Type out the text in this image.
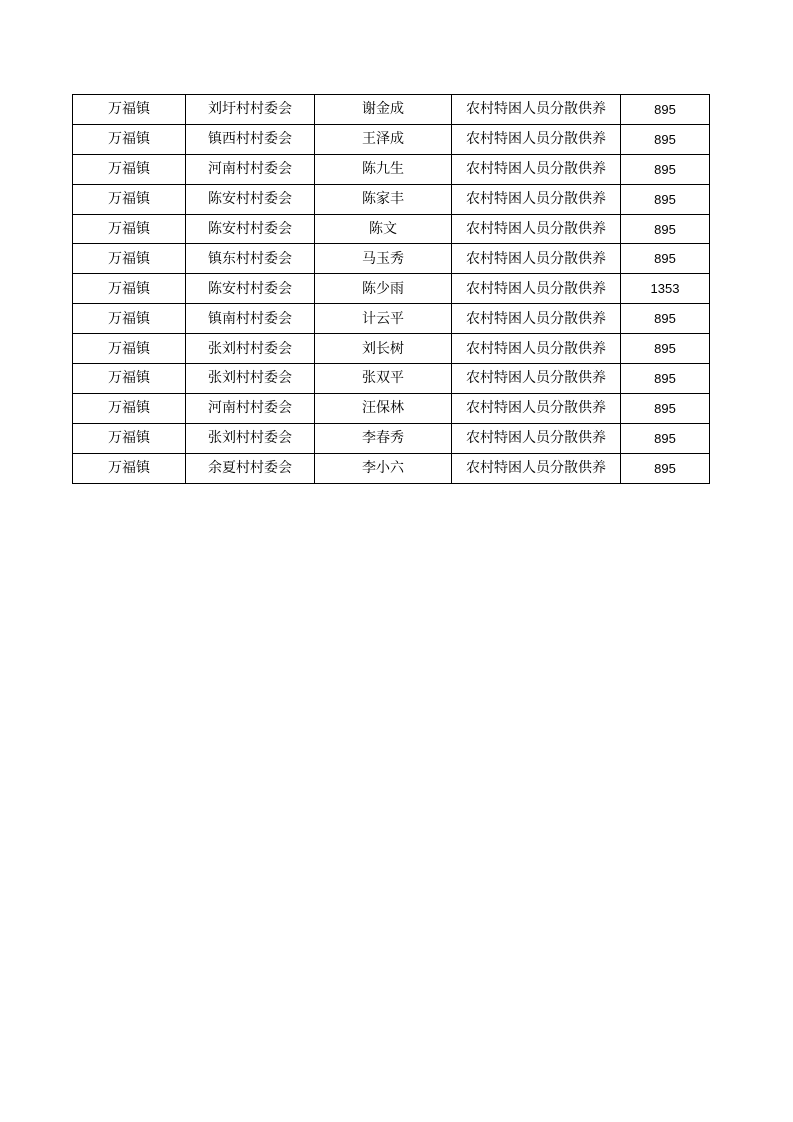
万福镇	刘圩村村委会	谢金成	农村特困人员分散供养	895
万福镇	镇西村村委会	王泽成	农村特困人员分散供养	895
万福镇	河南村村委会	陈九生	农村特困人员分散供养	895
万福镇	陈安村村委会	陈家丰	农村特困人员分散供养	895
万福镇	陈安村村委会	陈文	农村特困人员分散供养	895
万福镇	镇东村村委会	马玉秀	农村特困人员分散供养	895
万福镇	陈安村村委会	陈少雨	农村特困人员分散供养	1353
万福镇	镇南村村委会	计云平	农村特困人员分散供养	895
万福镇	张刘村村委会	刘长树	农村特困人员分散供养	895
万福镇	张刘村村委会	张双平	农村特困人员分散供养	895
万福镇	河南村村委会	汪保林	农村特困人员分散供养	895
万福镇	张刘村村委会	李春秀	农村特困人员分散供养	895
万福镇	余夏村村委会	李小六	农村特困人员分散供养	895
